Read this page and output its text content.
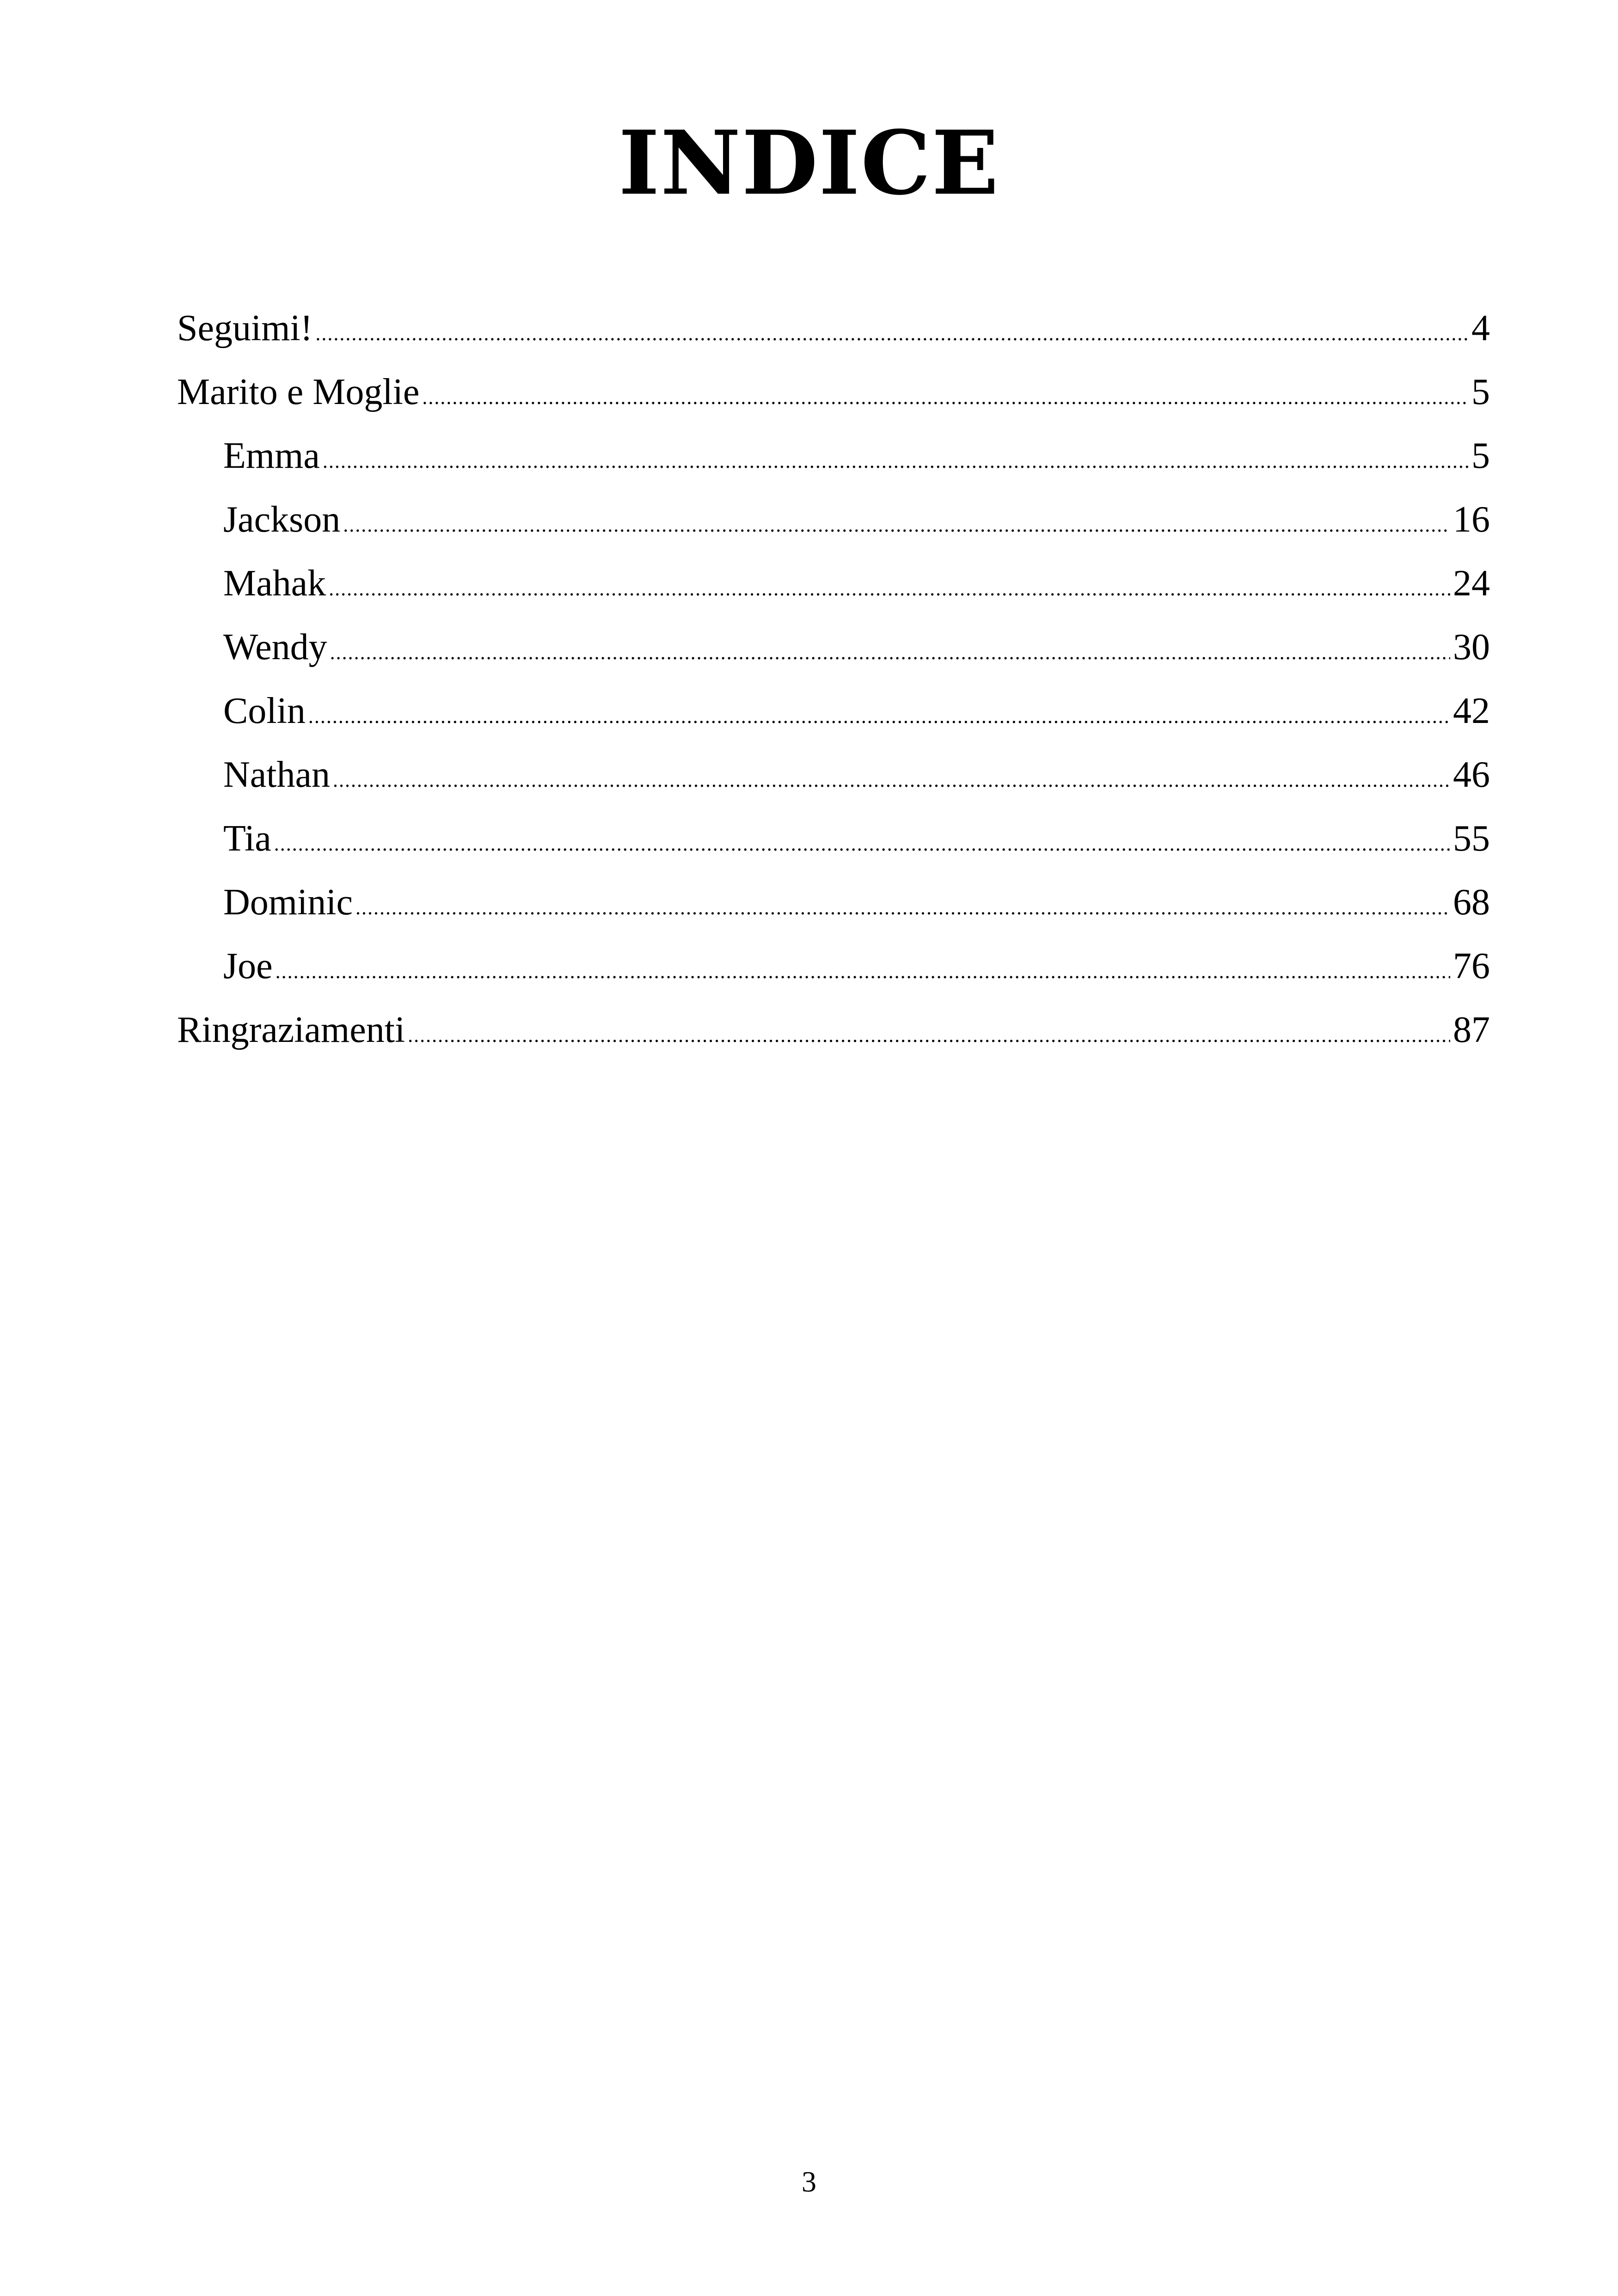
INDICE
Seguimi! .....	4
Marito e Moglie .....	5
Emma .....	5
Jackson .....	16
Mahak .....	24
Wendy .....	30
Colin .....	42
Nathan .....	46
Tia .....	55
Dominic .....	68
Joe .....	76
Ringraziamenti .....	87
3
